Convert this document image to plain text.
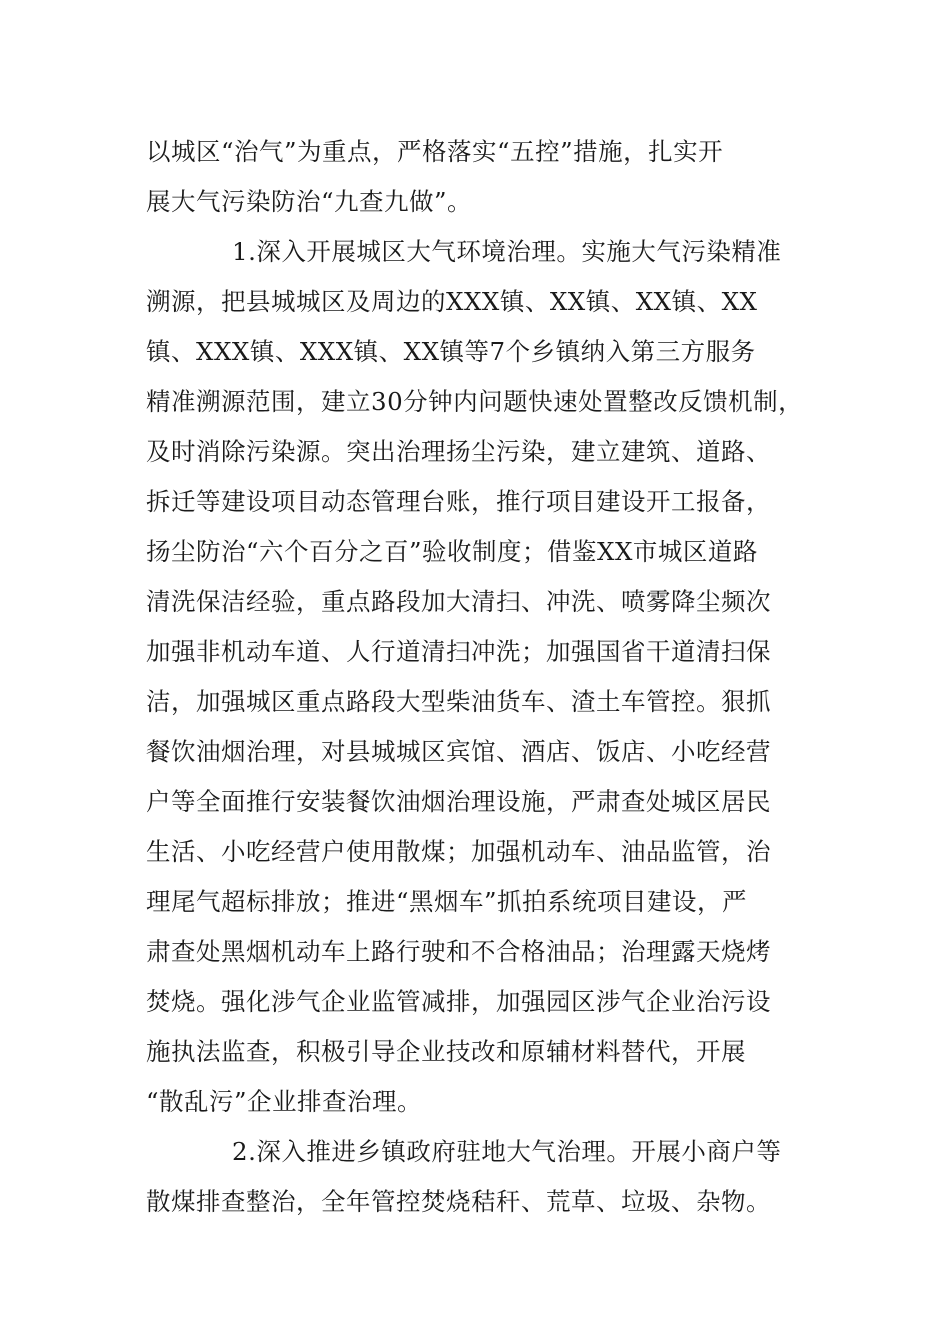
以城区“治气”为重点，严格落实“五控”措施，扎实开
展大气污染防治“九查九做”。
1.深入开展城区大气环境治理。实施大气污染精准
溯源，把县城城区及周边的XXX镇、XX镇、XX镇、XX
镇、XXX镇、XXX镇、XX镇等7个乡镇纳入第三方服务
精准溯源范围，建立30分钟内问题快速处置整改反馈机制，
及时消除污染源。突出治理扬尘污染，建立建筑、道路、
拆迁等建设项目动态管理台账，推行项目建设开工报备，
扬尘防治“六个百分之百”验收制度；借鉴XX市城区道路
清洗保洁经验，重点路段加大清扫、冲洗、喷雾降尘频次
加强非机动车道、人行道清扫冲洗；加强国省干道清扫保
洁，加强城区重点路段大型柴油货车、渣土车管控。狠抓
餐饮油烟治理，对县城城区宾馆、酒店、饭店、小吃经营
户等全面推行安装餐饮油烟治理设施，严肃查处城区居民
生活、小吃经营户使用散煤；加强机动车、油品监管，治
理尾气超标排放；推进“黑烟车”抓拍系统项目建设，严
肃查处黑烟机动车上路行驶和不合格油品；治理露天烧烤
焚烧。强化涉气企业监管减排，加强园区涉气企业治污设
施执法监查，积极引导企业技改和原辅材料替代，开展
“散乱污”企业排查治理。
2.深入推进乡镇政府驻地大气治理。开展小商户等
散煤排查整治，全年管控焚烧秸秆、荒草、垃圾、杂物。
